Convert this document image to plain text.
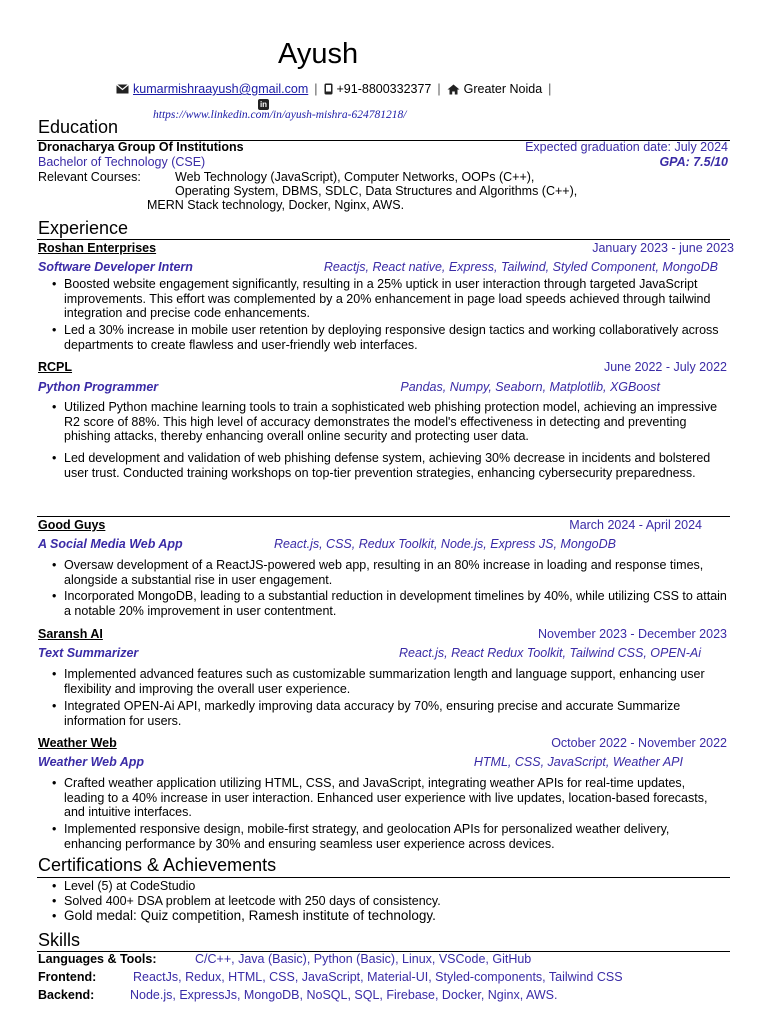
Ayush
kumarmishraayush@gmail.com | +91-8800332377 | Greater Noida |
in
https://www.linkedin.com/in/ayush-mishra-624781218/
Education
Dronacharya Group Of Institutions	Expected graduation date: July 2024
Bachelor of Technology (CSE)	GPA: 7.5/10
Relevant Courses:	Web Technology (JavaScript), Computer Networks, OOPs (C++),
Operating System, DBMS, SDLC, Data Structures and Algorithms (C++),
MERN Stack technology, Docker, Nginx, AWS.
Experience
Roshan Enterprises	January 2023 - june 2023
Software Developer Intern	Reactjs, React native, Express, Tailwind, Styled Component, MongoDB
• Boosted website engagement significantly, resulting in a 25% uptick in user interaction through targeted JavaScript improvements. This effort was complemented by a 20% enhancement in page load speeds achieved through tailwind integration and precise code enhancements.
• Led a 30% increase in mobile user retention by deploying responsive design tactics and working collaboratively across departments to create flawless and user-friendly web interfaces.
RCPL	June 2022 - July 2022
Python Programmer	Pandas, Numpy, Seaborn, Matplotlib, XGBoost
• Utilized Python machine learning tools to train a sophisticated web phishing protection model, achieving an impressive R2 score of 88%. This high level of accuracy demonstrates the model's effectiveness in detecting and preventing phishing attacks, thereby enhancing overall online security and protecting user data.
• Led development and validation of web phishing defense system, achieving 30% decrease in incidents and bolstered user trust. Conducted training workshops on top-tier prevention strategies, enhancing cybersecurity preparedness.
Good Guys	March 2024 - April 2024
A Social Media Web App	React.js, CSS, Redux Toolkit, Node.js, Express JS, MongoDB
• Oversaw development of a ReactJS-powered web app, resulting in an 80% increase in loading and response times, alongside a substantial rise in user engagement.
• Incorporated MongoDB, leading to a substantial reduction in development timelines by 40%, while utilizing CSS to attain a notable 20% improvement in user contentment.
Saransh AI	November 2023 - December 2023
Text Summarizer	React.js, React Redux Toolkit, Tailwind CSS, OPEN-Ai
• Implemented advanced features such as customizable summarization length and language support, enhancing user flexibility and improving the overall user experience.
• Integrated OPEN-Ai API, markedly improving data accuracy by 70%, ensuring precise and accurate Summarize information for users.
Weather Web	October 2022 - November 2022
Weather Web App	HTML, CSS, JavaScript, Weather API
• Crafted weather application utilizing HTML, CSS, and JavaScript, integrating weather APIs for real-time updates, leading to a 40% increase in user interaction. Enhanced user experience with live updates, location-based forecasts, and intuitive interfaces.
• Implemented responsive design, mobile-first strategy, and geolocation APIs for personalized weather delivery, enhancing performance by 30% and ensuring seamless user experience across devices.
Certifications & Achievements
• Level (5) at CodeStudio
• Solved 400+ DSA problem at leetcode with 250 days of consistency.
• Gold medal: Quiz competition, Ramesh institute of technology.
Skills
Languages & Tools:	C/C++, Java (Basic), Python (Basic), Linux, VSCode, GitHub
Frontend:	ReactJs, Redux, HTML, CSS, JavaScript, Material-UI, Styled-components, Tailwind CSS
Backend:	Node.js, ExpressJs, MongoDB, NoSQL, SQL, Firebase, Docker, Nginx, AWS.
